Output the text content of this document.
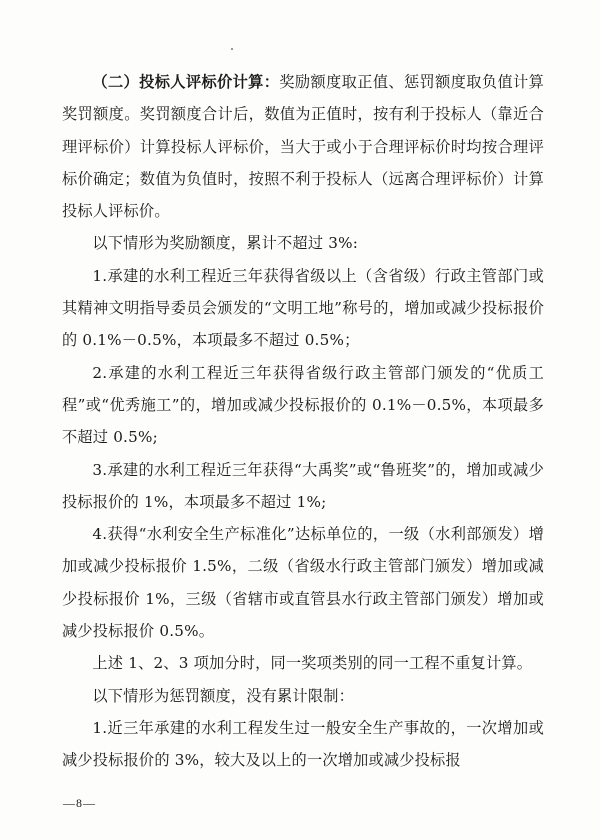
（二）投标人评标价计算：奖励额度取正值、惩罚额度取负值计算奖罚额度。奖罚额度合计后，数值为正值时，按有利于投标人（靠近合理评标价）计算投标人评标价，当大于或小于合理评标价时均按合理评标价确定；数值为负值时，按照不利于投标人（远离合理评标价）计算投标人评标价。

以下情形为奖励额度，累计不超过 3%:

1.承建的水利工程近三年获得省级以上（含省级）行政主管部门或其精神文明指导委员会颁发的“文明工地”称号的，增加或减少投标报价的 0.1%－0.5%，本项最多不超过 0.5%；

2.承建的水利工程近三年获得省级行政主管部门颁发的“优质工程”或“优秀施工”的，增加或减少投标报价的 0.1%－0.5%，本项最多不超过 0.5%;

3.承建的水利工程近三年获得“大禹奖”或“鲁班奖”的，增加或减少投标报价的 1%，本项最多不超过 1%;

4.获得“水利安全生产标准化”达标单位的，一级（水利部颁发）增加或减少投标报价 1.5%，二级（省级水行政主管部门颁发）增加或减少投标报价 1%，三级（省辖市或直管县水行政主管部门颁发）增加或减少投标报价 0.5%。

上述 1、2、3 项加分时，同一奖项类别的同一工程不重复计算。

以下情形为惩罚额度，没有累计限制：

1.近三年承建的水利工程发生过一般安全生产事故的，一次增加或减少投标报价的 3%，较大及以上的一次增加或减少投标报

—8—
